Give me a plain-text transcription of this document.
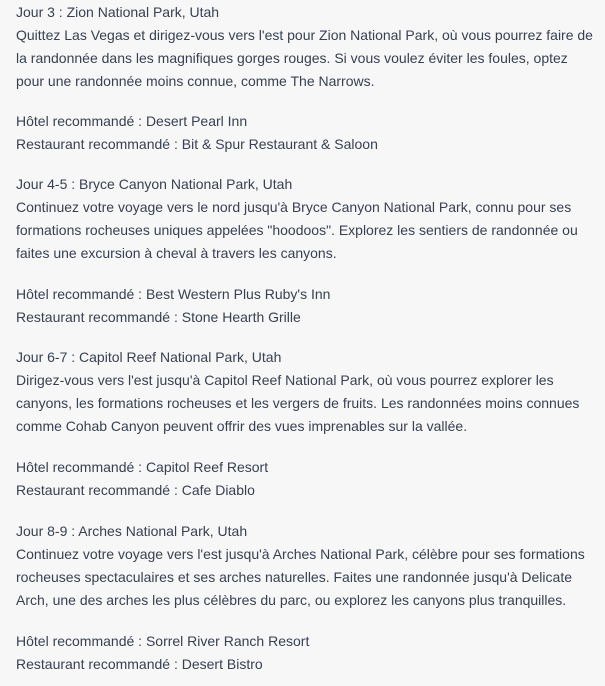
Jour 3 : Zion National Park, Utah

Quittez Las Vegas et dirigez-vous vers l'est pour Zion National Park, où vous pourrez faire de

la randonnée dans les magnifiques gorges rouges. Si vous voulez éviter les foules, optez

pour une randonnée moins connue, comme The Narrows.

Hôtel recommandé : Desert Pearl Inn

Restaurant recommandé : Bit & Spur Restaurant & Saloon

Jour 4-5 : Bryce Canyon National Park, Utah

Continuez votre voyage vers le nord jusqu'à Bryce Canyon National Park, connu pour ses

formations rocheuses uniques appelées "hoodoos". Explorez les sentiers de randonnée ou

faites une excursion à cheval à travers les canyons.

Hôtel recommandé : Best Western Plus Ruby's Inn

Restaurant recommandé : Stone Hearth Grille

Jour 6-7 : Capitol Reef National Park, Utah

Dirigez-vous vers l'est jusqu'à Capitol Reef National Park, où vous pourrez explorer les

canyons, les formations rocheuses et les vergers de fruits. Les randonnées moins connues

comme Cohab Canyon peuvent offrir des vues imprenables sur la vallée.

Hôtel recommandé : Capitol Reef Resort

Restaurant recommandé : Cafe Diablo

Jour 8-9 : Arches National Park, Utah

Continuez votre voyage vers l'est jusqu'à Arches National Park, célèbre pour ses formations

rocheuses spectaculaires et ses arches naturelles. Faites une randonnée jusqu'à Delicate

Arch, une des arches les plus célèbres du parc, ou explorez les canyons plus tranquilles.

Hôtel recommandé : Sorrel River Ranch Resort

Restaurant recommandé : Desert Bistro
